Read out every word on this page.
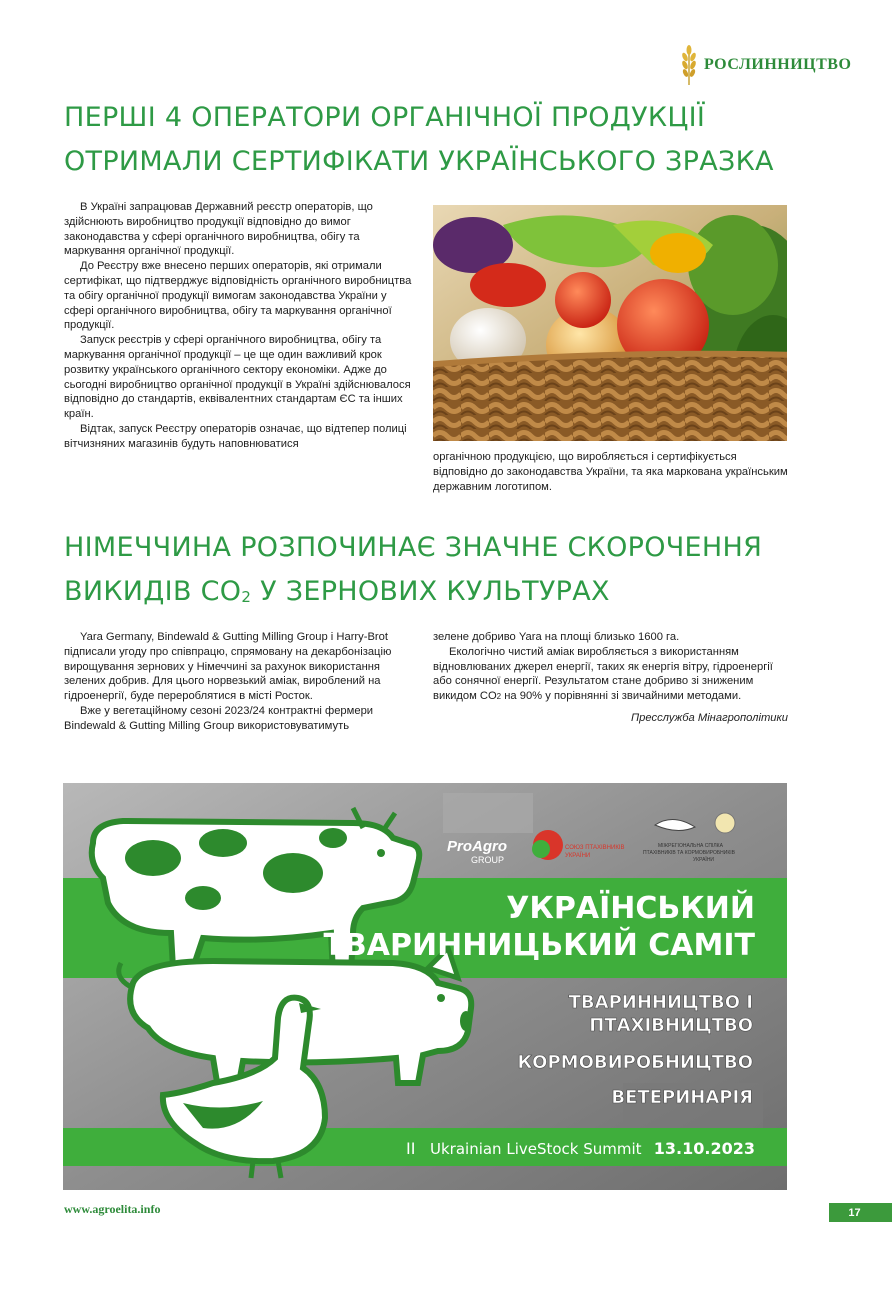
РОСЛИННИЦТВО
ПЕРШІ 4 ОПЕРАТОРИ ОРГАНІЧНОЇ ПРОДУКЦІЇ
ОТРИМАЛИ СЕРТИФІКАТИ УКРАЇНСЬКОГО ЗРАЗКА

В Україні запрацював Державний реєстр операторів, що здійснюють виробництво продукції відповідно до вимог законодавства у сфері органічного виробництва, обігу та маркування органічної продукції.

До Реєстру вже внесено перших операторів, які отримали сертифікат, що підтверджує відповідність органічного виробництва та обігу органічної продукції вимогам законодавства України у сфері органічного виробництва, обігу та маркування органічної продукції.

Запуск реєстрів у сфері органічного виробництва, обігу та маркування органічної продукції – це ще один важливий крок розвитку українського органічного сектору економіки. Адже до сьогодні виробництво органічної продукції в Україні здійснювалося відповідно до стандартів, еквівалентних стандартам ЄС та інших країн.

Відтак, запуск Реєстру операторів означає, що відтепер полиці вітчизняних магазинів будуть наповнюватися

органічною продукцією, що виробляється і сертифікується відповідно до законодавства України, та яка маркована українським державним логотипом.

НІМЕЧЧИНА РОЗПОЧИНАЄ ЗНАЧНЕ СКОРОЧЕННЯ
ВИКИДІВ CO2 У ЗЕРНОВИХ КУЛЬТУРАХ

Yara Germany, Bindewald & Gutting Milling Group і Harry-Brot підписали угоду про співпрацю, спрямовану на декарбонізацію вирощування зернових у Німеччині за рахунок використання зелених добрив. Для цього норвезький аміак, вироблений на гідроенергії, буде перероблятися в місті Росток.

Вже у вегетаційному сезоні 2023/24 контрактні фермери Bindewald & Gutting Milling Group використовуватимуть

зелене добриво Yara на площі близько 1600 га.

Екологічно чистий аміак виробляється з використанням відновлюваних джерел енергії, таких як енергія вітру, гідроенергії або сонячної енергії. Результатом стане добриво зі зниженим викидом CO2 на 90% у порівнянні зі звичайними методами.

Пресслужба Мінагрополітики

ProAgro
GROUP
СОЮЗ ПТАХІВНИКІВ
УКРАЇНИ
МІЖРЕГІОНАЛЬНА СПІЛКА
ПТАХІВНИКІВ ТА КОРМОВИРОБНИКІВ
УКРАЇНИ
УКРАЇНСЬКИЙ
ТВАРИННИЦЬКИЙ САМІТ
ТВАРИННИЦТВО І
ПТАХІВНИЦТВО
КОРМОВИРОБНИЦТВО
ВЕТЕРИНАРІЯ
II Ukrainian LiveStock Summit 13.10.2023
www.agroelita.info	17
